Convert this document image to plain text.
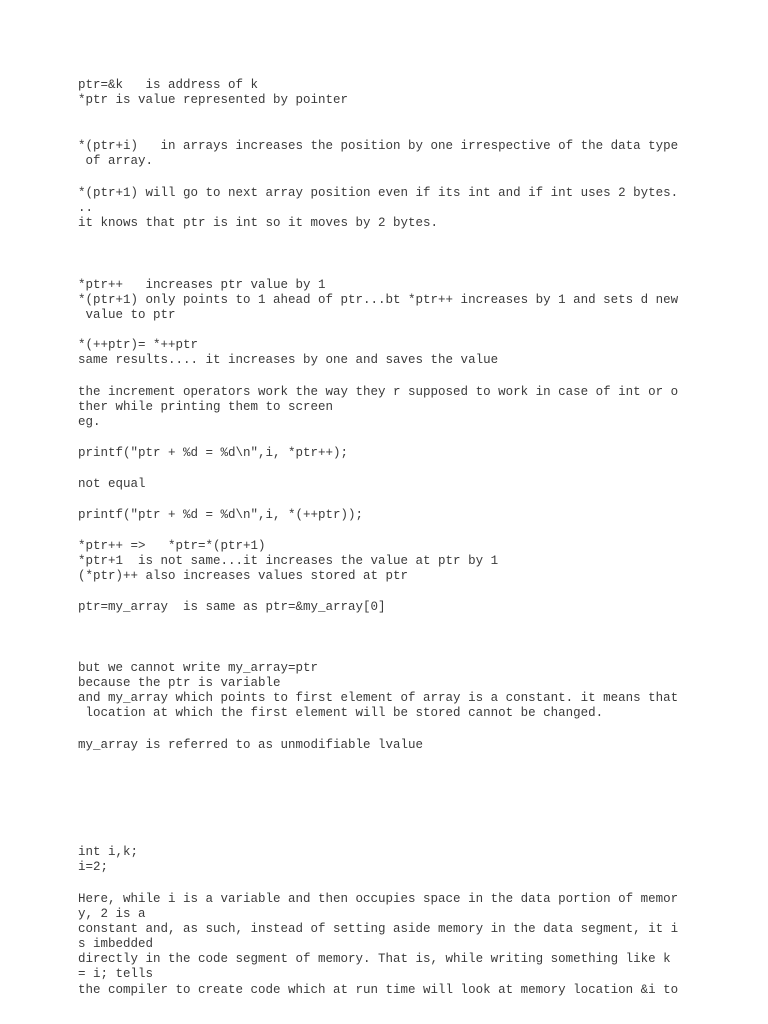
ptr=&k   is address of k
*ptr is value represented by pointer
*(ptr+i)   in arrays increases the position by one irrespective of the data type
of array.
*(ptr+1) will go to next array position even if its int and if int uses 2 bytes.
..
it knows that ptr is int so it moves by 2 bytes.
*ptr++   increases ptr value by 1
*(ptr+1) only points to 1 ahead of ptr...bt *ptr++ increases by 1 and sets d new
value to ptr
*(++ptr)= *++ptr
same results.... it increases by one and saves the value
the increment operators work the way they r supposed to work in case of int or o
ther while printing them to screen
eg.
printf("ptr + %d = %d\n",i, *ptr++);
not equal
printf("ptr + %d = %d\n",i, *(++ptr));
*ptr++ =>   *ptr=*(ptr+1)
*ptr+1  is not same...it increases the value at ptr by 1
(*ptr)++ also increases values stored at ptr
ptr=my_array  is same as ptr=&my_array[0]
but we cannot write my_array=ptr
because the ptr is variable
and my_array which points to first element of array is a constant. it means that
location at which the first element will be stored cannot be changed.
my_array is referred to as unmodifiable lvalue
int i,k;
i=2;
Here, while i is a variable and then occupies space in the data portion of memor
y, 2 is a
constant and, as such, instead of setting aside memory in the data segment, it i
s imbedded
directly in the code segment of memory. That is, while writing something like k
= i; tells
the compiler to create code which at run time will look at memory location &i to
